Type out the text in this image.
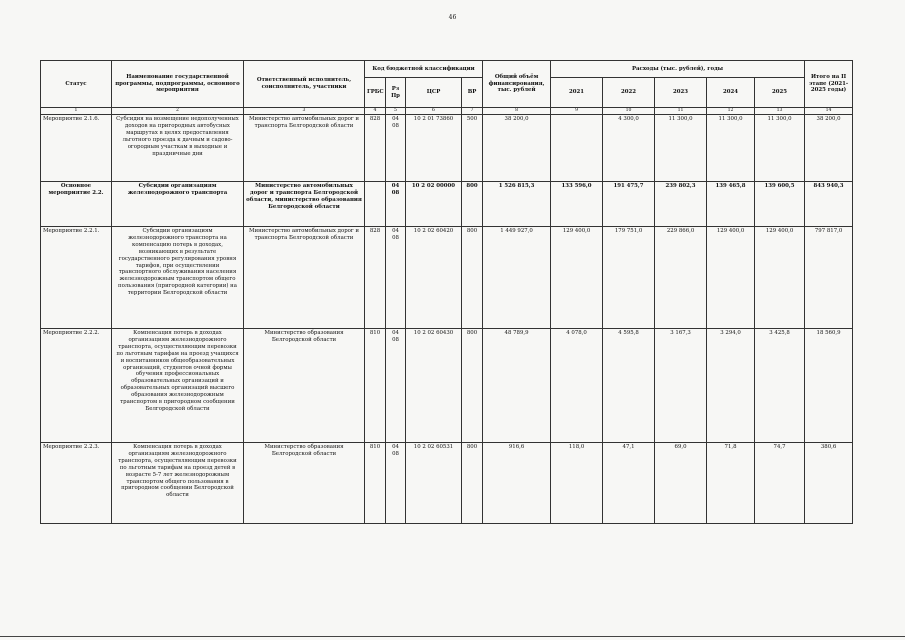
46
Статус	Наименование государственной программы, подпрограммы, основного мероприятия	Ответственный исполнитель, соисполнитель, участники	Код бюджетной классификации				Общий объём финансирования, тыс. рублей	Расходы (тыс. рублей), годы					Итого на II этапе (2021-2025 годы)
			ГРБС	Рз Пр	ЦСР	ВР		2021	2022	2023	2024	2025	
1	2	3	4	5	6	7	8	9	10	11	12	13	14
Мероприятие 2.1.6.	Субсидия на возмещение недополученных доходов на пригородных автобусных маршрутах в целях предоставления льготного проезда к дачным и садово-огородным участкам в выходные и праздничные дни	Министерство автомобильных дорог и транспорта Белгородской области	828	04 08	10 2 01 73860	500	38 200,0		4 300,0	11 300,0	11 300,0	11 300,0	38 200,0
Основное мероприятие 2.2.	Субсидии организациям железнодорожного транспорта	Министерство автомобильных дорог и транспорта Белгородской области, министерство образования Белгородской области		04 08	10 2 02 00000	800	1 526 815,3	133 596,0	191 475,7	239 802,3	139 465,8	139 600,5	843 940,3
Мероприятие 2.2.1.	Субсидии организациям железнодорожного транспорта на компенсацию потерь в доходах, возникающих в результате государственного регулирования уровня тарифов, при осуществлении транспортного обслуживания населения железнодорожным транспортом общего пользования (пригородной категории) на территории Белгородской области	Министерство автомобильных дорог и транспорта Белгородской области	828	04 08	10 2 02 60420	800	1 449 927,0	129 400,0	179 751,0	229 866,0	129 400,0	129 400,0	797 817,0
Мероприятие 2.2.2.	Компенсация потерь в доходах организациям железнодорожного транспорта, осуществляющим перевозки по льготным тарифам на проезд учащихся и воспитанников общеобразовательных организаций, студентов очной формы обучения профессиональных образовательных организаций и образовательных организаций высшего образования железнодорожным транспортом в пригородном сообщении Белгородской области	Министерство образования Белгородской области	810	04 08	10 2 02 60430	800	48 789,9	4 078,0	4 595,8	3 167,3	3 294,0	3 425,8	18 560,9
Мероприятие 2.2.3.	Компенсация потерь в доходах организациям железнодорожного транспорта, осуществляющим перевозки по льготным тарифам на проезд детей в возрасте 5-7 лет железнодорожным транспортом общего пользования в пригородном сообщении Белгородской области	Министерство образования Белгородской области	810	04 08	10 2 02 60531	800	916,6	118,0	47,1	69,0	71,8	74,7	380,6
